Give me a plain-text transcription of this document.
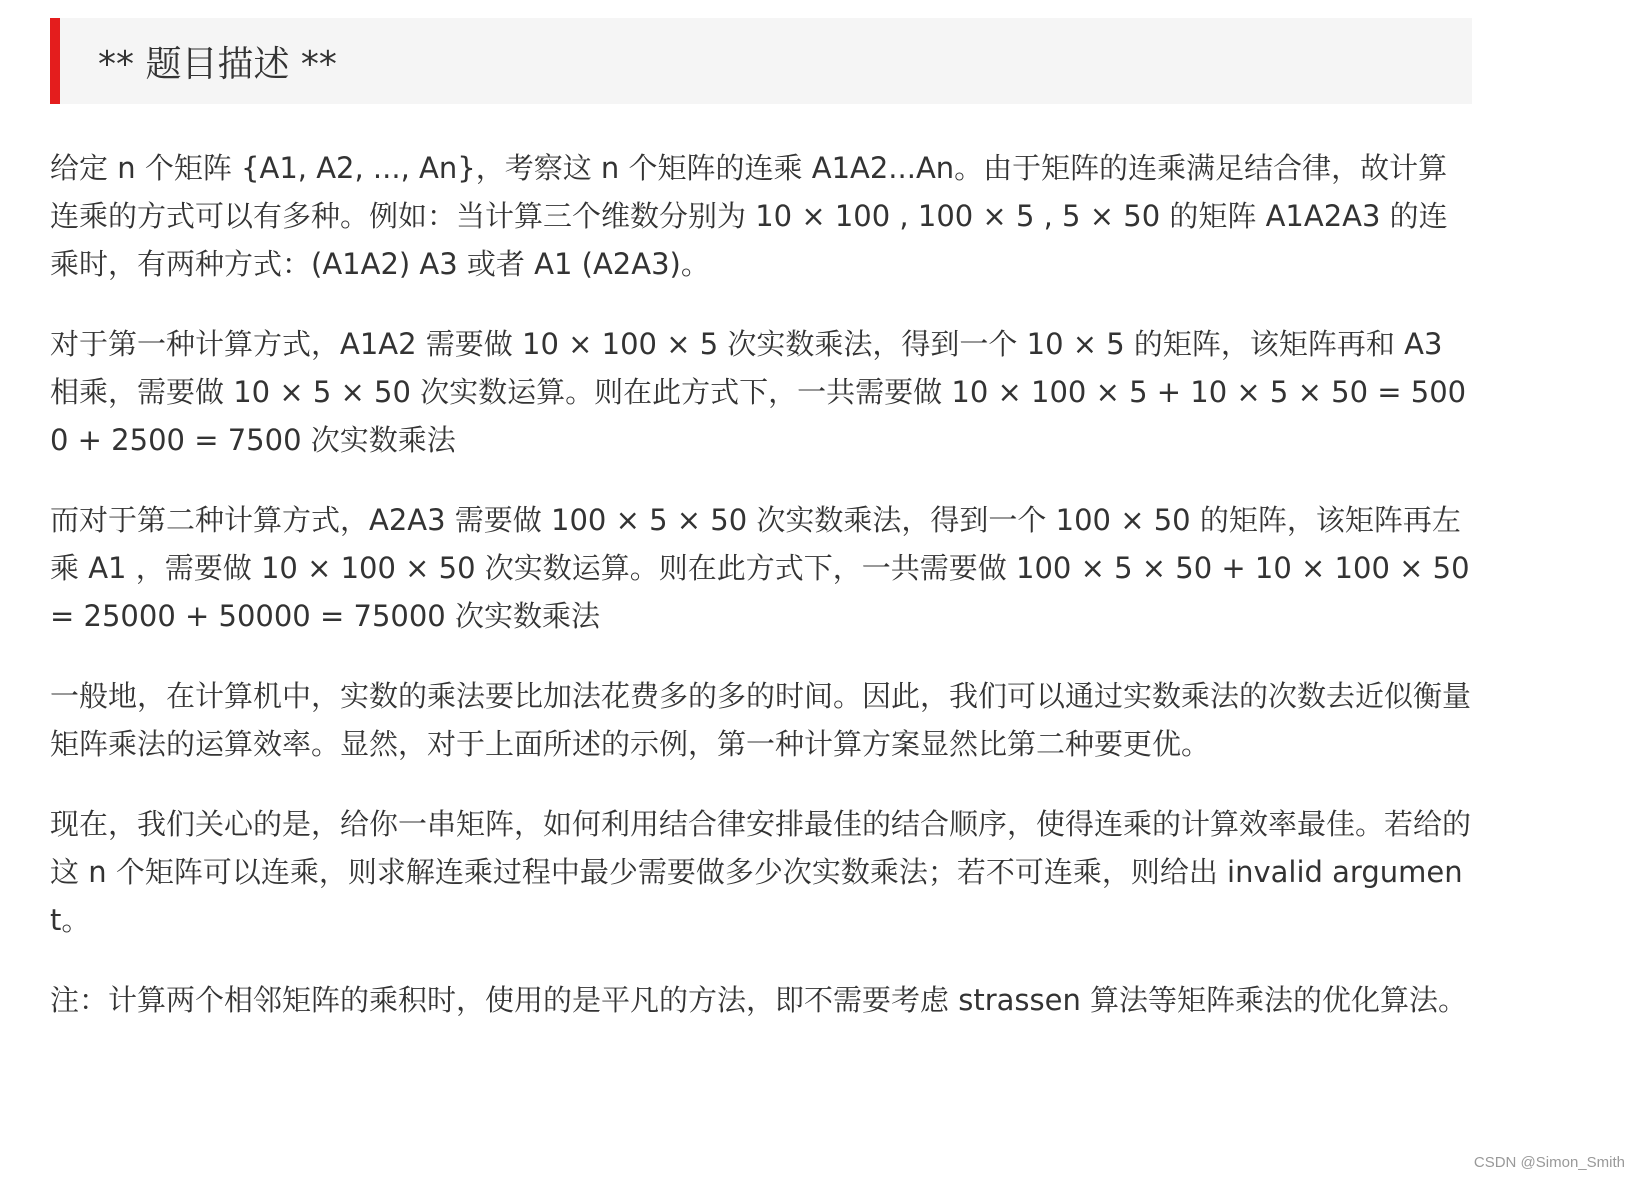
** 题目描述 **

给定 n 个矩阵 {A1, A2, ..., An}，考察这 n 个矩阵的连乘 A1A2...An。由于矩阵的连乘满足结合律，故计算连乘的方式可以有多种。例如：当计算三个维数分别为 10 × 100 , 100 × 5 , 5 × 50 的矩阵 A1A2A3 的连乘时，有两种方式：(A1A2) A3 或者 A1 (A2A3)。

对于第一种计算方式，A1A2 需要做 10 × 100 × 5 次实数乘法，得到一个 10 × 5 的矩阵，该矩阵再和 A3 相乘，需要做 10 × 5 × 50 次实数运算。则在此方式下，一共需要做 10 × 100 × 5 + 10 × 5 × 50 = 5000 + 2500 = 7500 次实数乘法

而对于第二种计算方式，A2A3 需要做 100 × 5 × 50 次实数乘法，得到一个 100 × 50 的矩阵，该矩阵再左乘 A1 ，需要做 10 × 100 × 50 次实数运算。则在此方式下，一共需要做 100 × 5 × 50 + 10 × 100 × 50 = 25000 + 50000 = 75000 次实数乘法

一般地，在计算机中，实数的乘法要比加法花费多的多的时间。因此，我们可以通过实数乘法的次数去近似衡量矩阵乘法的运算效率。显然，对于上面所述的示例，第一种计算方案显然比第二种要更优。

现在，我们关心的是，给你一串矩阵，如何利用结合律安排最佳的结合顺序，使得连乘的计算效率最佳。若给的这 n 个矩阵可以连乘，则求解连乘过程中最少需要做多少次实数乘法；若不可连乘，则给出 invalid argument。

注：计算两个相邻矩阵的乘积时，使用的是平凡的方法，即不需要考虑 strassen 算法等矩阵乘法的优化算法。

CSDN @Simon_Smith
